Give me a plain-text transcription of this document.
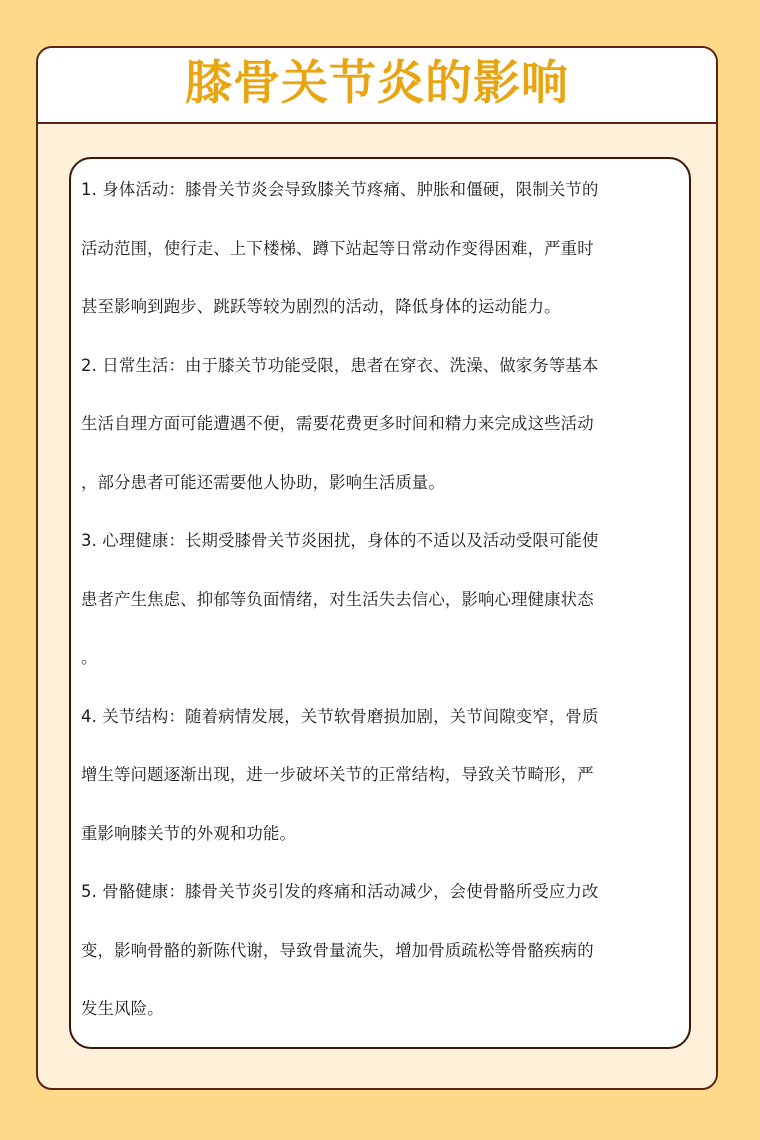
膝骨关节炎的影响
1. 身体活动：膝骨关节炎会导致膝关节疼痛、肿胀和僵硬，限制关节的
活动范围，使行走、上下楼梯、蹲下站起等日常动作变得困难，严重时
甚至影响到跑步、跳跃等较为剧烈的活动，降低身体的运动能力。
2. 日常生活：由于膝关节功能受限，患者在穿衣、洗澡、做家务等基本
生活自理方面可能遭遇不便，需要花费更多时间和精力来完成这些活动
，部分患者可能还需要他人协助，影响生活质量。
3. 心理健康：长期受膝骨关节炎困扰，身体的不适以及活动受限可能使
患者产生焦虑、抑郁等负面情绪，对生活失去信心，影响心理健康状态
。
4. 关节结构：随着病情发展，关节软骨磨损加剧，关节间隙变窄，骨质
增生等问题逐渐出现，进一步破坏关节的正常结构，导致关节畸形，严
重影响膝关节的外观和功能。
5. 骨骼健康：膝骨关节炎引发的疼痛和活动减少，会使骨骼所受应力改
变，影响骨骼的新陈代谢，导致骨量流失，增加骨质疏松等骨骼疾病的
发生风险。
